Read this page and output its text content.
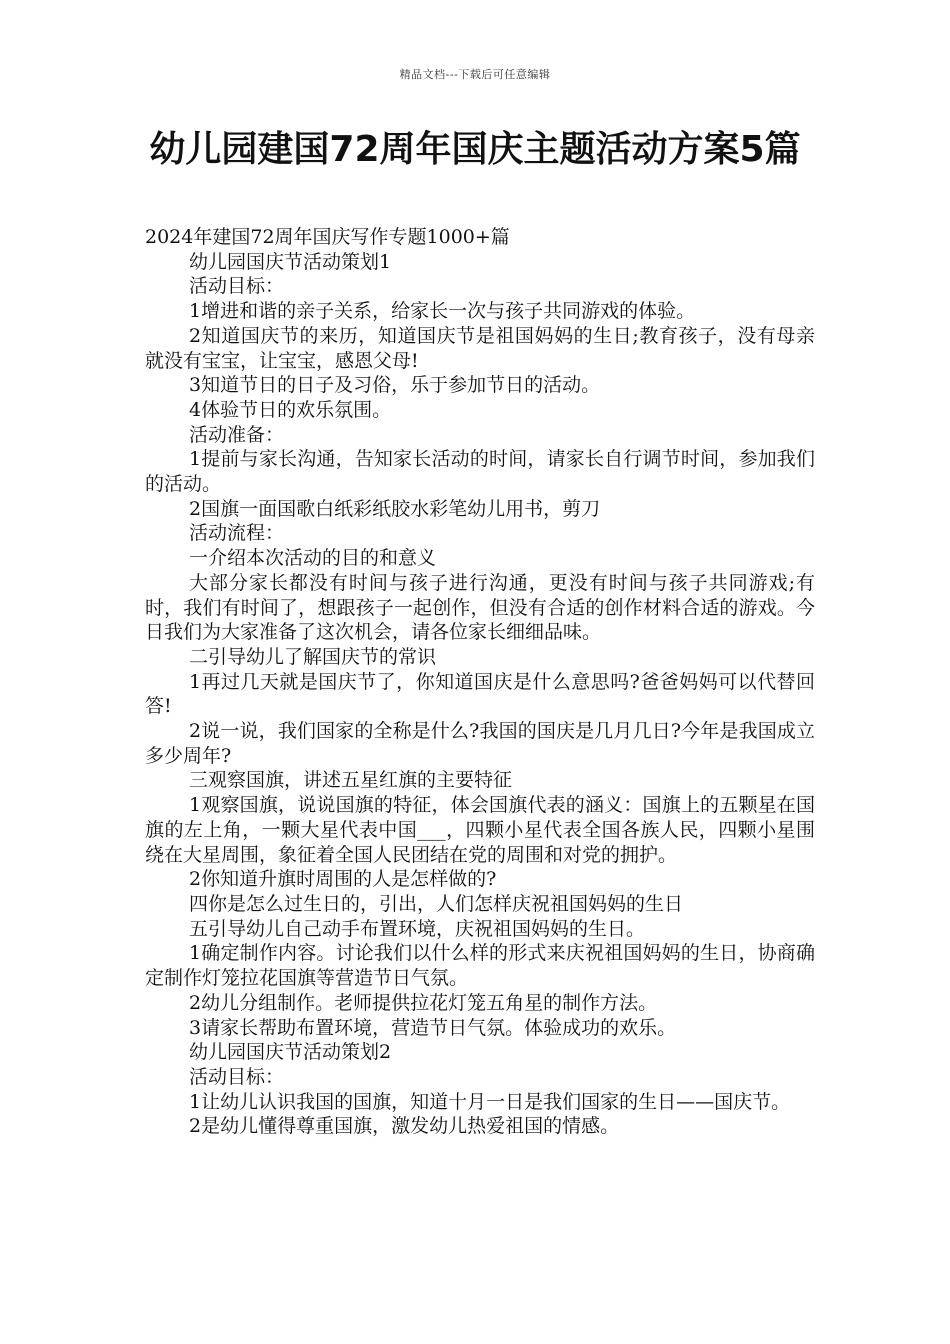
精品文档---下载后可任意编辑
幼儿园建国72周年国庆主题活动方案5篇

2024年建国72周年国庆写作专题1000+篇

幼儿园国庆节活动策划1

活动目标：

1增进和谐的亲子关系，给家长一次与孩子共同游戏的体验。

2知道国庆节的来历，知道国庆节是祖国妈妈的生日;教育孩子，没有母亲就没有宝宝，让宝宝，感恩父母!

3知道节日的日子及习俗，乐于参加节日的活动。

4体验节日的欢乐氛围。

活动准备：

1提前与家长沟通，告知家长活动的时间，请家长自行调节时间，参加我们的活动。

2国旗一面国歌白纸彩纸胶水彩笔幼儿用书，剪刀

活动流程：

一介绍本次活动的目的和意义

大部分家长都没有时间与孩子进行沟通，更没有时间与孩子共同游戏;有时，我们有时间了，想跟孩子一起创作，但没有合适的创作材料合适的游戏。今日我们为大家准备了这次机会，请各位家长细细品味。

二引导幼儿了解国庆节的常识

1再过几天就是国庆节了，你知道国庆是什么意思吗?爸爸妈妈可以代替回答!

2说一说，我们国家的全称是什么?我国的国庆是几月几日?今年是我国成立多少周年?

三观察国旗，讲述五星红旗的主要特征

1观察国旗，说说国旗的特征，体会国旗代表的涵义：国旗上的五颗星在国旗的左上角，一颗大星代表中国___，四颗小星代表全国各族人民，四颗小星围绕在大星周围，象征着全国人民团结在党的周围和对党的拥护。

2你知道升旗时周围的人是怎样做的?

四你是怎么过生日的，引出，人们怎样庆祝祖国妈妈的生日

五引导幼儿自己动手布置环境，庆祝祖国妈妈的生日。

1确定制作内容。讨论我们以什么样的形式来庆祝祖国妈妈的生日，协商确定制作灯笼拉花国旗等营造节日气氛。

2幼儿分组制作。老师提供拉花灯笼五角星的制作方法。

3请家长帮助布置环境，营造节日气氛。体验成功的欢乐。

幼儿园国庆节活动策划2

活动目标：

1让幼儿认识我国的国旗，知道十月一日是我们国家的生日——国庆节。

2是幼儿懂得尊重国旗，激发幼儿热爱祖国的情感。
